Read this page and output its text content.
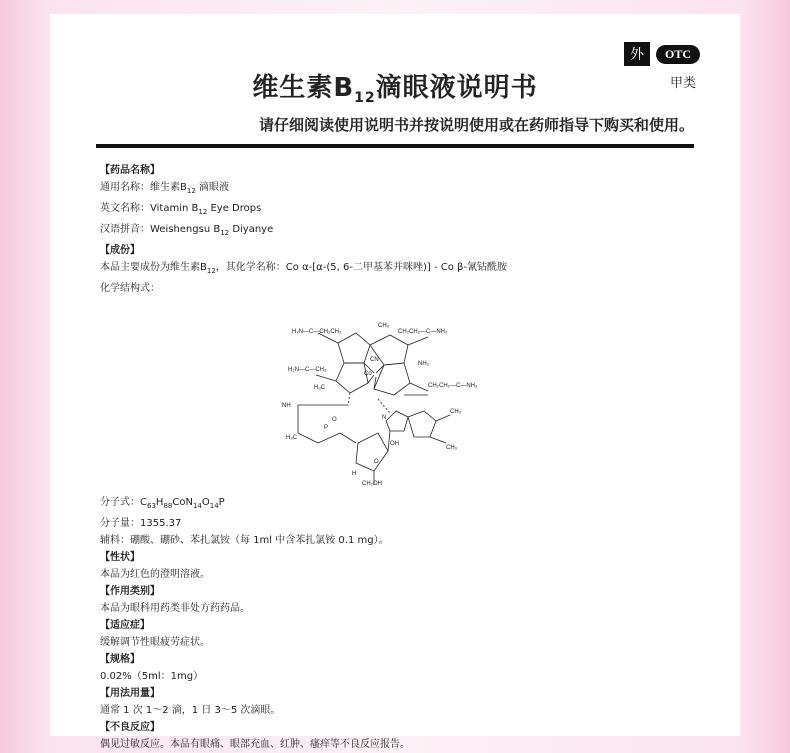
外 OTC
甲类
维生素$B_{12}$滴眼液说明书
请仔细阅读使用说明书并按说明使用或在药师指导下购买和使用。
【药品名称】
通用名称：维生素$B_{12}$ 滴眼液
英文名称：Vitamin $B_{12}$ Eye Drops
汉语拼音：Weishengsu $B_{12}$ Diyanye
【成份】
本品主要成份为维生素$B_{12}$，其化学名称：Co α-[α-(5, 6-二甲基苯并咪唑)] - Co β-氰钴酰胺
化学结构式：
Co
CN
H₂N—C—CH₂CH₂	CH₂CH₂—C—NH₂
H₂N—C—CH₂
NH₂
CH₂CH₂—C—NH₂
CH₃
H₃C
NH
P
O
H₃C
N
OH
CH₂OH
CH₃
CH₃
O
H
分子式：$C_{63}H_{88}CoN_{14}O_{14}P$
分子量：1355.37
辅料：硼酸、硼砂、苯扎氯铵（每 1ml 中含苯扎氯铵 0.1 mg）。
【性状】
本品为红色的澄明溶液。
【作用类别】
本品为眼科用药类非处方药药品。
【适应症】
缓解调节性眼疲劳症状。
【规格】
0.02%（5ml：1mg）
【用法用量】
通常 1 次 1～2 滴，1 日 3～5 次滴眼。
【不良反应】
偶见过敏反应。本品有眼痛、眼部充血、红肿、瘙痒等不良反应报告。
